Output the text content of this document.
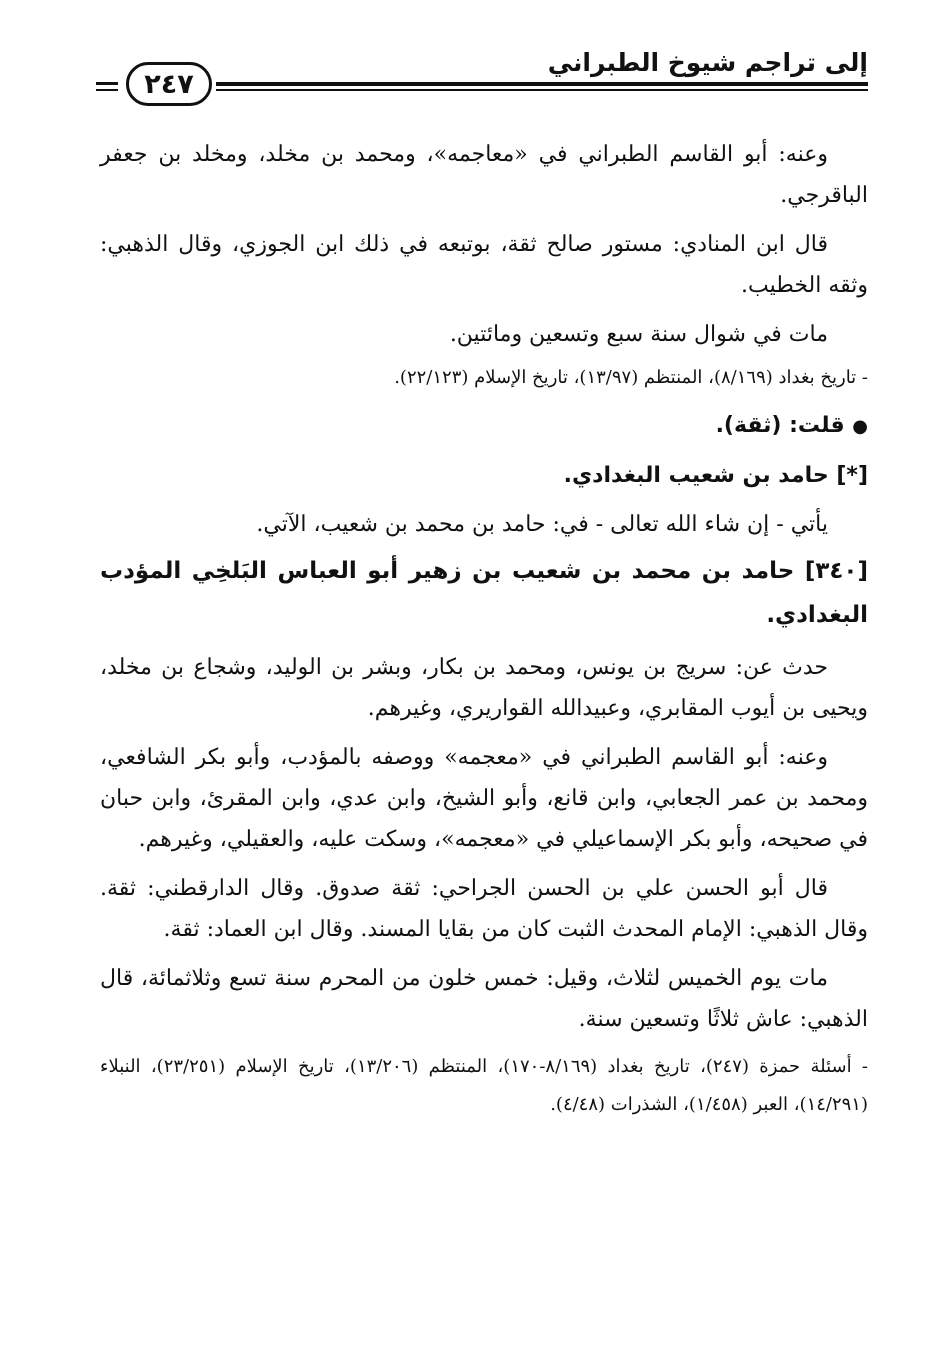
إلى تراجم شيوخ الطبراني
٢٤٧

وعنه: أبو القاسم الطبراني في «معاجمه»، ومحمد بن مخلد، ومخلد بن جعفر الباقرجي.

قال ابن المنادي: مستور صالح ثقة، بوتبعه في ذلك ابن الجوزي، وقال الذهبي: وثقه الخطيب.

مات في شوال سنة سبع وتسعين ومائتين.

- تاريخ بغداد (٨/١٦٩)، المنتظم (١٣/٩٧)، تاريخ الإسلام (٢٢/١٢٣).

● قلت: (ثقة).

[*] حامد بن شعيب البغدادي.

يأتي - إن شاء الله تعالى - في: حامد بن محمد بن شعيب، الآتي.

[٣٤٠] حامد بن محمد بن شعيب بن زهير أبو العباس البَلخِي المؤدب البغدادي.

حدث عن: سريج بن يونس، ومحمد بن بكار، وبشر بن الوليد، وشجاع بن مخلد، ويحيى بن أيوب المقابري، وعبيدالله القواريري، وغيرهم.

وعنه: أبو القاسم الطبراني في «معجمه» ووصفه بالمؤدب، وأبو بكر الشافعي، ومحمد بن عمر الجعابي، وابن قانع، وأبو الشيخ، وابن عدي، وابن المقرئ، وابن حبان في صحيحه، وأبو بكر الإسماعيلي في «معجمه»، وسكت عليه، والعقيلي، وغيرهم.

قال أبو الحسن علي بن الحسن الجراحي: ثقة صدوق. وقال الدارقطني: ثقة. وقال الذهبي: الإمام المحدث الثبت كان من بقايا المسند. وقال ابن العماد: ثقة.

مات يوم الخميس لثلاث، وقيل: خمس خلون من المحرم سنة تسع وثلاثمائة، قال الذهبي: عاش ثلاثًا وتسعين سنة.

- أسئلة حمزة (٢٤٧)، تاريخ بغداد (٨/١٦٩-١٧٠)، المنتظم (١٣/٢٠٦)، تاريخ الإسلام (٢٣/٢٥١)، النبلاء (١٤/٢٩١)، العبر (١/٤٥٨)، الشذرات (٤/٤٨).
